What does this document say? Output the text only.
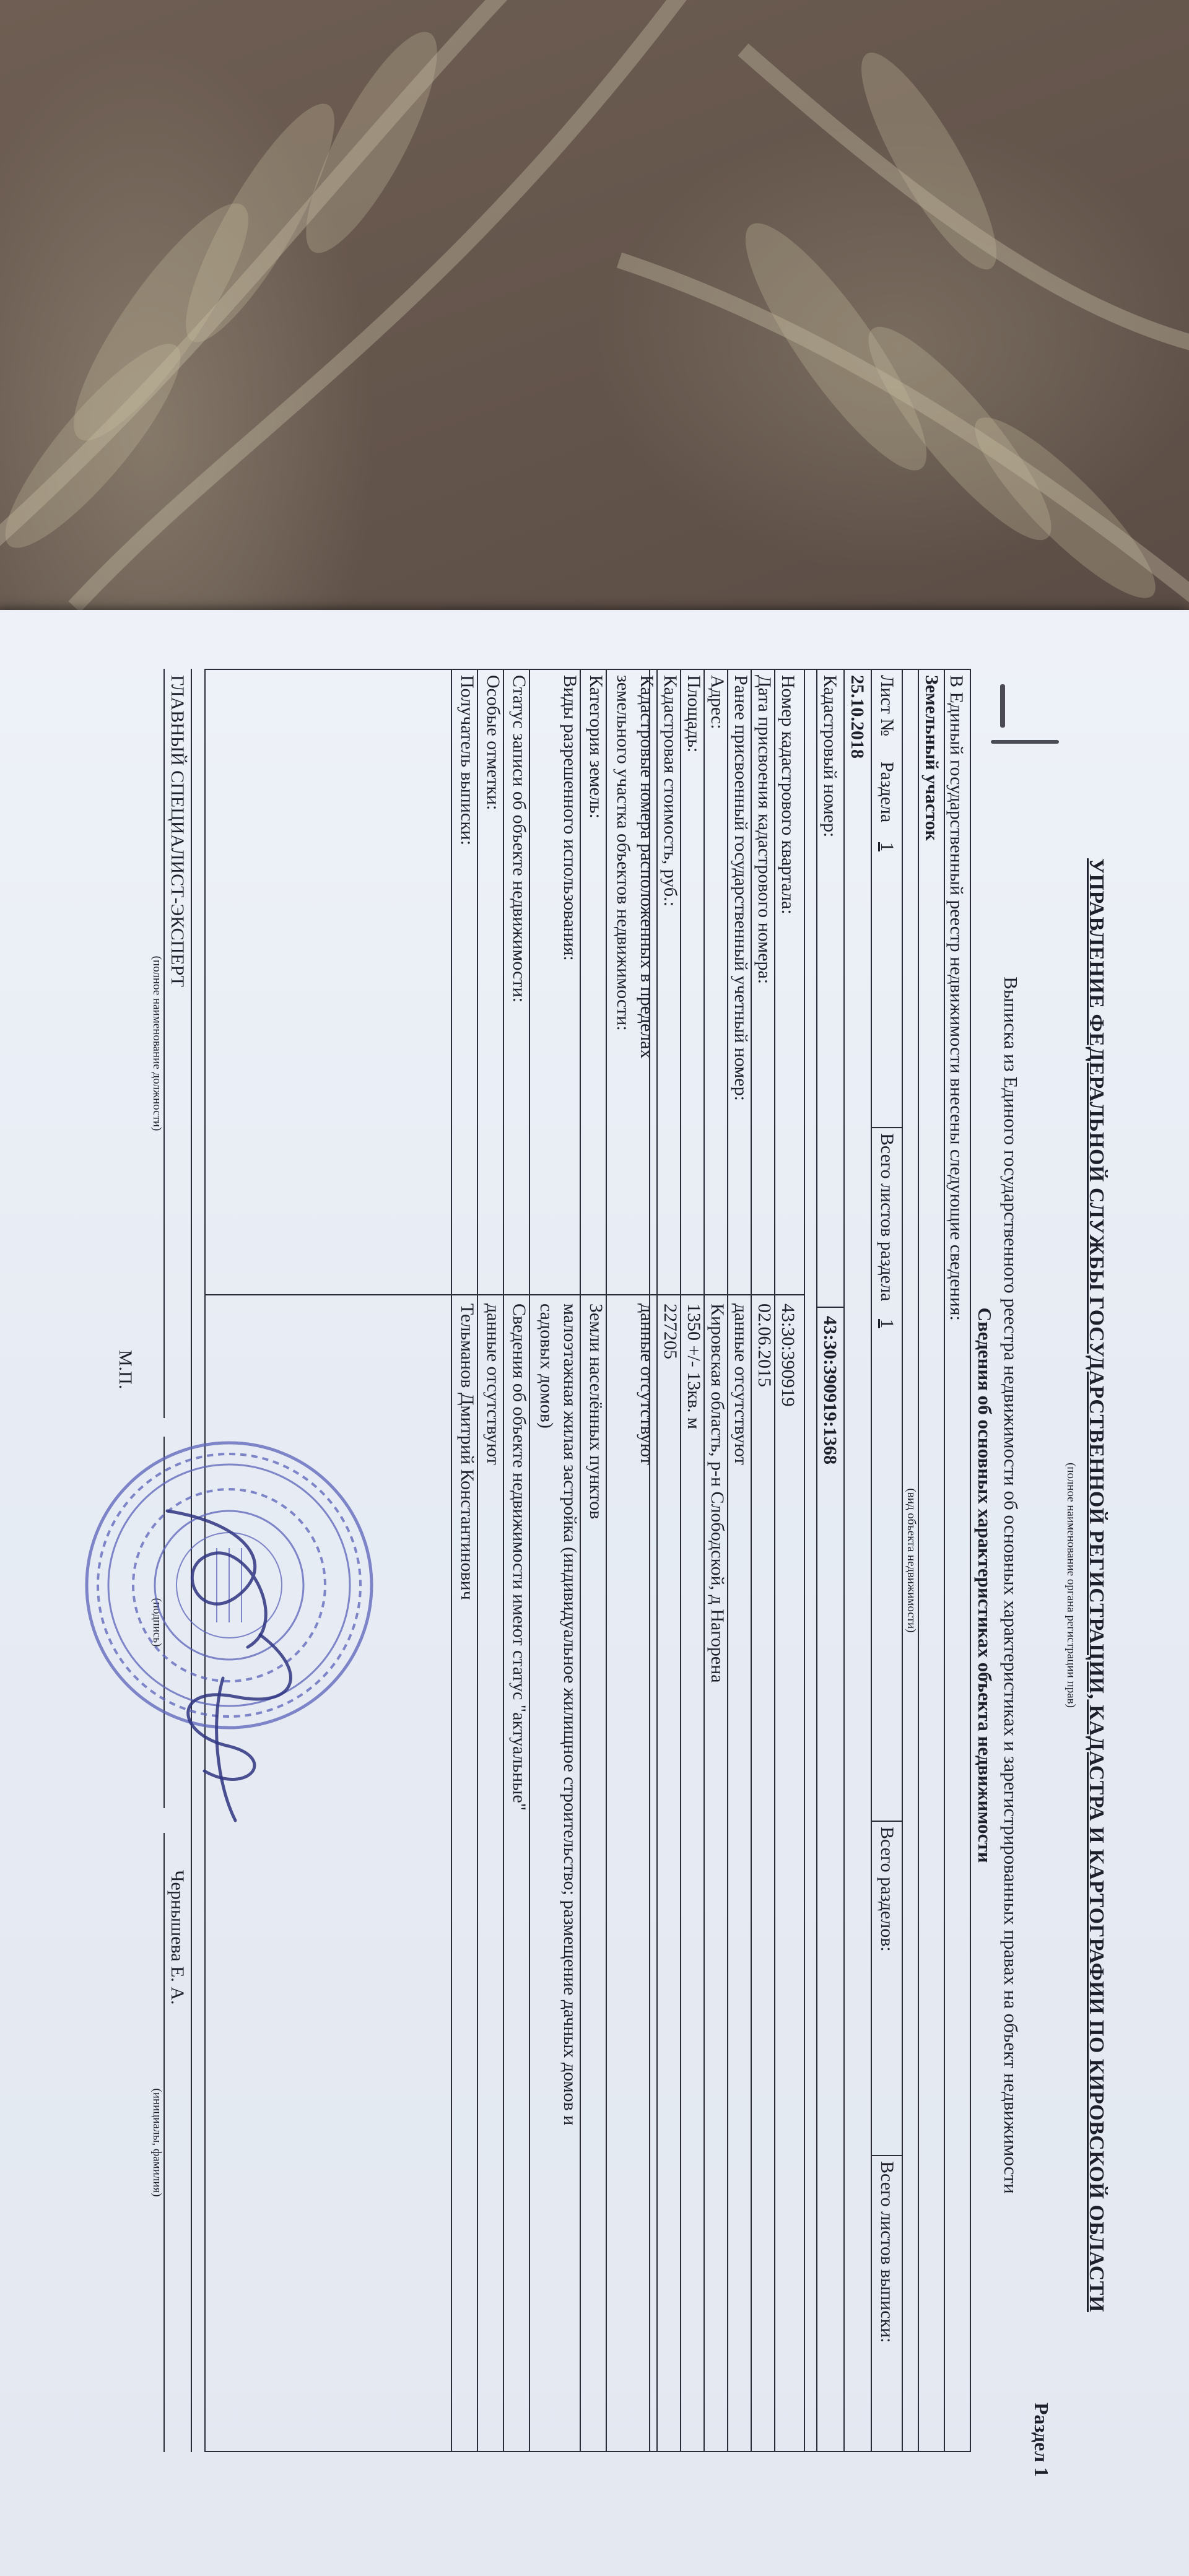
УПРАВЛЕНИЕ ФЕДЕРАЛЬНОЙ СЛУЖБЫ ГОСУДАРСТВЕННОЙ РЕГИСТРАЦИИ, КАДАСТРА И КАРТОГРАФИИ ПО КИРОВСКОЙ ОБЛАСТИ
(полное наименование органа регистрации прав)
Раздел 1
Выписка из Единого государственного реестра недвижимости об основных характеристиках и зарегистрированных правах на объект недвижимости
Сведения об основных характеристиках объекта недвижимости
В Единый государственный реестр недвижимости внесены следующие сведения:
Земельный участок
(вид объекта недвижимости)
Лист №
Раздела
1
Всего листов раздела
1
Всего разделов:
Всего листов выписки:
25.10.2018
Кадастровый номер:
43:30:390919:1368
Номер кадастрового квартала:
43:30:390919
Дата присвоения кадастрового номера:
02.06.2015
Ранее присвоенный государственный учетный номер:
данные отсутствуют
Адрес:
Кировская область, р-н Слободской, д Нагорена
Площадь:
1350 +/- 13кв. м
Кадастровая стоимость, руб.:
227205
Кадастровые номера расположенных в пределах
земельного участка объектов недвижимости:
данные отсутствуют
Категория земель:
Земли населённых пунктов
Виды разрешенного использования:
малоэтажная жилая застройка (индивидуальное жилищное строительство; размещение дачных домов и
садовых домов)
Статус записи об объекте недвижимости:
Сведения об объекте недвижимости имеют статус "актуальные"
Особые отметки:
данные отсутствуют
Получатель выписки:
Тельманов Дмитрий Константинович
ГЛАВНЫЙ СПЕЦИАЛИСТ-ЭКСПЕРТ
(полное наименование должности)
(подпись)
Чернышева Е. А.
(инициалы, фамилия)
М.П.
